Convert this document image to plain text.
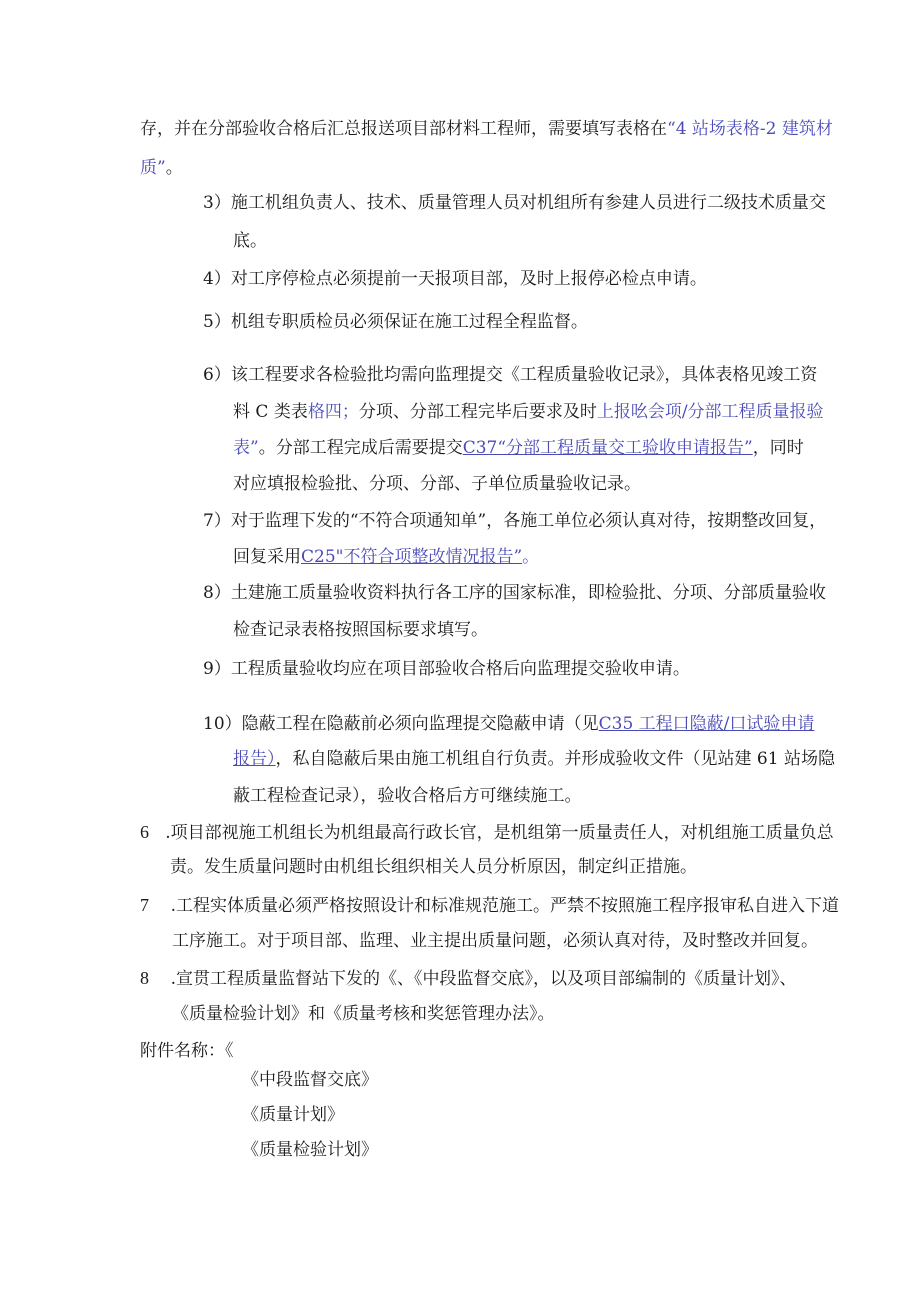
存，并在分部验收合格后汇总报送项目部材料工程师，需要填写表格在“4 站场表格-2 建筑材
质”。
3）施工机组负责人、技术、质量管理人员对机组所有参建人员进行二级技术质量交
底。
4）对工序停检点必须提前一天报项目部，及时上报停必检点申请。
5）机组专职质检员必须保证在施工过程全程监督。
6）该工程要求各检验批均需向监理提交《工程质量验收记录》，具体表格见竣工资
料 C 类表格四；分项、分部工程完毕后要求及时上报吆会项/分部工程质量报验
表”。分部工程完成后需要提交C37“分部工程质量交工验收申请报告”，同时
对应填报检验批、分项、分部、子单位质量验收记录。
7）对于监理下发的“不符合项通知单”，各施工单位必须认真对待，按期整改回复，
回复采用C25"不符合项整改情况报告”。
8）土建施工质量验收资料执行各工序的国家标准，即检验批、分项、分部质量验收
检查记录表格按照国标要求填写。
9）工程质量验收均应在项目部验收合格后向监理提交验收申请。
10）隐蔽工程在隐蔽前必须向监理提交隐蔽申请（见C35 工程口隐蔽/口试验申请
报告），私自隐蔽后果由施工机组自行负责。并形成验收文件（见站建 61 站场隐
蔽工程检查记录），验收合格后方可继续施工。
6 .项目部视施工机组长为机组最高行政长官，是机组第一质量责任人，对机组施工质量负总
责。发生质量问题时由机组长组织相关人员分析原因，制定纠正措施。
7 .工程实体质量必须严格按照设计和标准规范施工。严禁不按照施工程序报审私自进入下道
工序施工。对于项目部、监理、业主提出质量问题，必须认真对待，及时整改并回复。
8 .宣贯工程质量监督站下发的《、《中段监督交底》，以及项目部编制的《质量计划》、
《质量检验计划》和《质量考核和奖惩管理办法》。
附件名称：《
《中段监督交底》
《质量计划》
《质量检验计划》
